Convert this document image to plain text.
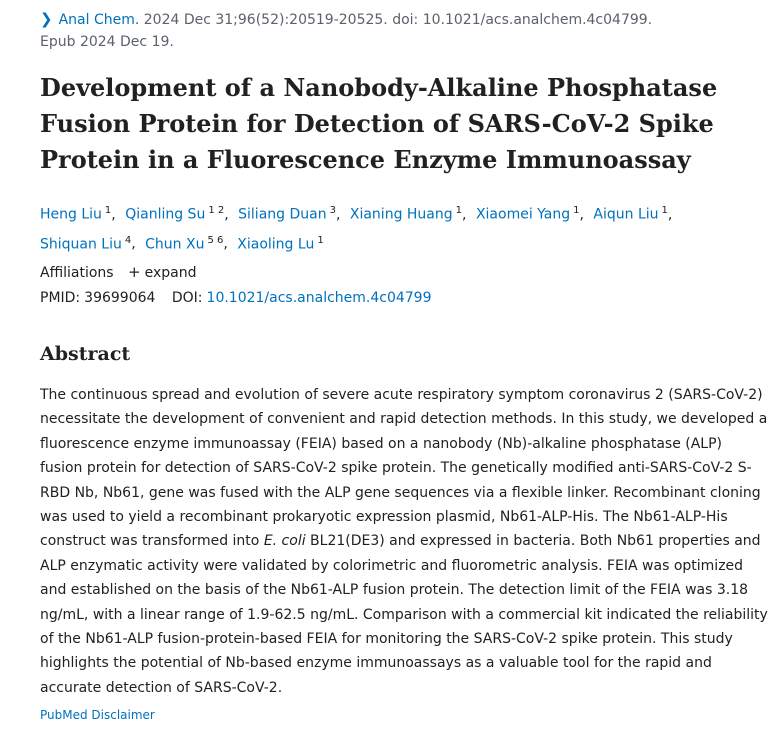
❯ Anal Chem. 2024 Dec 31;96(52):20519-20525. doi: 10.1021/acs.analchem.4c04799.
Epub 2024 Dec 19.
Development of a Nanobody-Alkaline Phosphatase Fusion Protein for Detection of SARS-CoV-2 Spike Protein in a Fluorescence Enzyme Immunoassay
Heng Liu $^1$, Qianling Su $^{1 2}$, Siliang Duan $^3$, Xianing Huang $^1$, Xiaomei Yang $^1$, Aiqun Liu $^1$,
Shiquan Liu $^4$, Chun Xu $^{5 6}$, Xiaoling Lu $^1$
Affiliations + expand
PMID: 39699064 DOI: 10.1021/acs.analchem.4c04799
Abstract

The continuous spread and evolution of severe acute respiratory symptom coronavirus 2 (SARS-CoV-2) necessitate the development of convenient and rapid detection methods. In this study, we developed a fluorescence enzyme immunoassay (FEIA) based on a nanobody (Nb)-alkaline phosphatase (ALP) fusion protein for detection of SARS-CoV-2 spike protein. The genetically modified anti-SARS-CoV-2 S-RBD Nb, Nb61, gene was fused with the ALP gene sequences via a flexible linker. Recombinant cloning was used to yield a recombinant prokaryotic expression plasmid, Nb61-ALP-His. The Nb61-ALP-His construct was transformed into E. coli BL21(DE3) and expressed in bacteria. Both Nb61 properties and ALP enzymatic activity were validated by colorimetric and fluorometric analysis. FEIA was optimized and established on the basis of the Nb61-ALP fusion protein. The detection limit of the FEIA was 3.18 ng/mL, with a linear range of 1.9-62.5 ng/mL. Comparison with a commercial kit indicated the reliability of the Nb61-ALP fusion-protein-based FEIA for monitoring the SARS-CoV-2 spike protein. This study highlights the potential of Nb-based enzyme immunoassays as a valuable tool for the rapid and accurate detection of SARS-CoV-2.

PubMed Disclaimer
